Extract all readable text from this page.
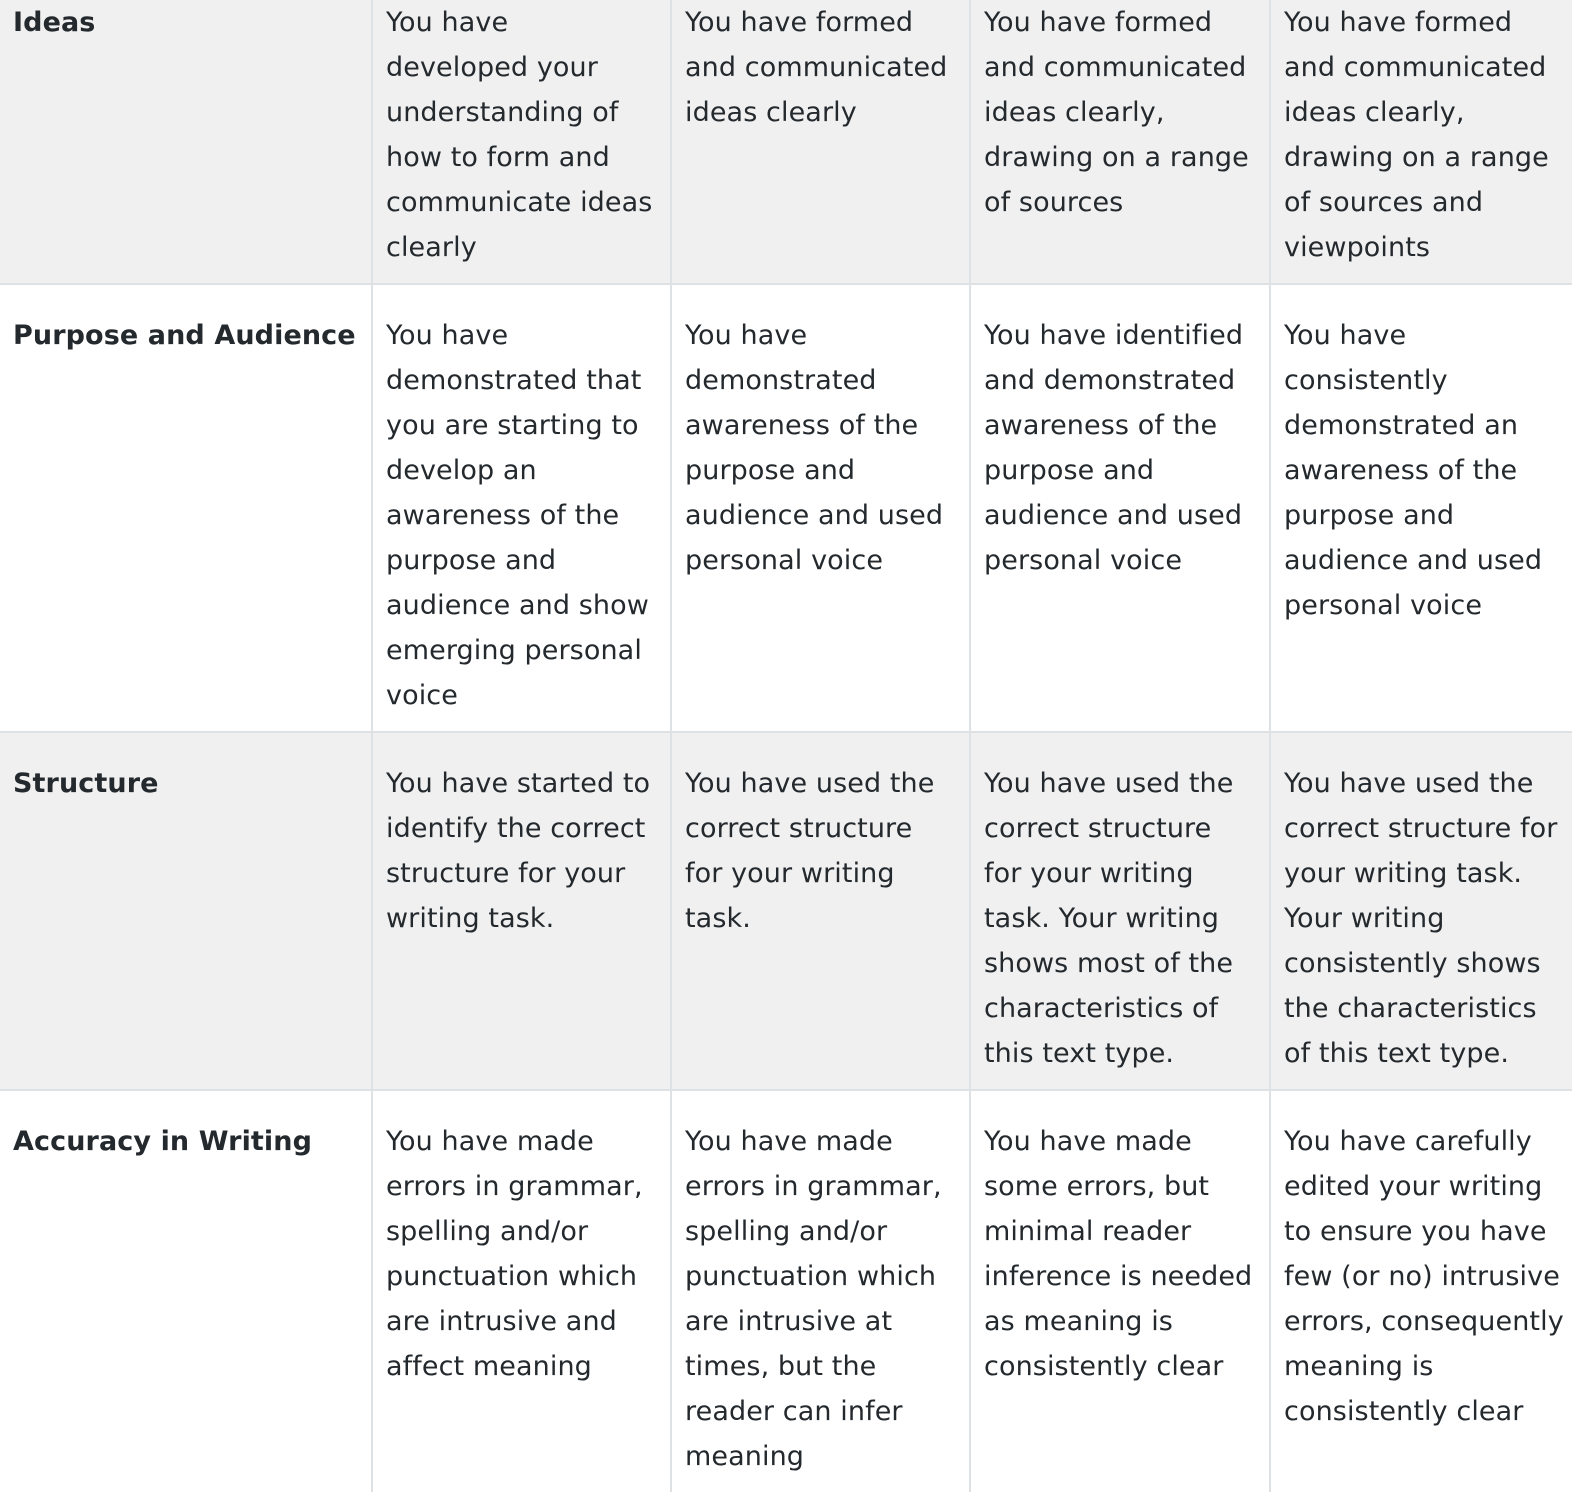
Ideas	You have developed your understanding of how to form and communicate ideas clearly	You have formed and communicated ideas clearly	You have formed and communicated ideas clearly, drawing on a range of sources	You have formed and communicated ideas clearly, drawing on a range of sources and viewpoints
Purpose and Audience	You have demonstrated that you are starting to develop an awareness of the purpose and audience and show emerging personal voice	You have demonstrated awareness of the purpose and audience and used personal voice	You have identified and demonstrated awareness of the purpose and audience and used personal voice	You have consistently demonstrated an awareness of the purpose and audience and used personal voice
Structure	You have started to identify the correct structure for your writing task.	You have used the correct structure for your writing task.	You have used the correct structure for your writing task. Your writing shows most of the characteristics of this text type.	You have used the correct structure for your writing task. Your writing consistently shows the characteristics of this text type.
Accuracy in Writing	You have made errors in grammar, spelling and/or punctuation which are intrusive and affect meaning	You have made errors in grammar, spelling and/or punctuation which are intrusive at times, but the reader can infer meaning	You have made some errors, but minimal reader inference is needed as meaning is consistently clear	You have carefully edited your writing to ensure you have few (or no) intrusive errors, consequently meaning is consistently clear
